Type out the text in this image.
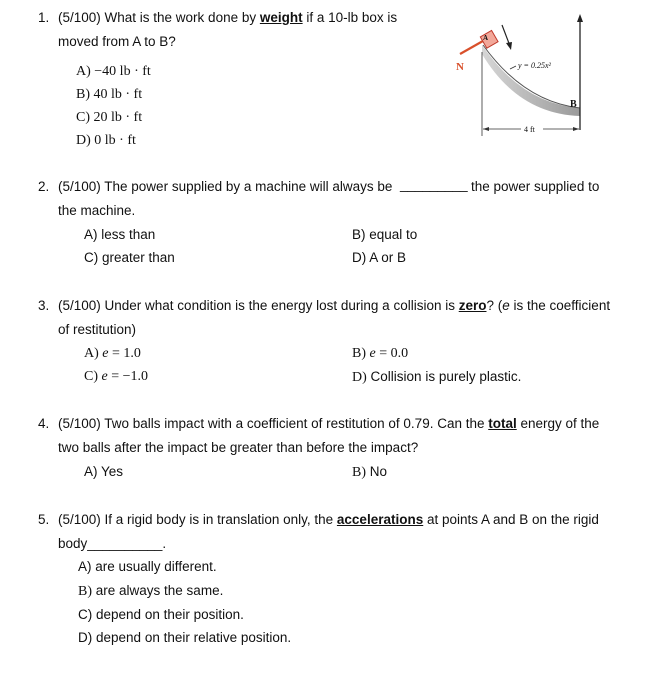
1. (5/100) What is the work done by weight if a 10-lb box is
moved from A to B?
A) −40 lb · ft
B) 40 lb · ft
C) 20 lb · ft
D) 0 lb · ft
B
4 ft
y = 0.25x²
N
A
2. (5/100) The power supplied by a machine will always be _________ the power supplied to
the machine.
A) less than	B) equal to
C) greater than	D) A or B
3. (5/100) Under what condition is the energy lost during a collision is zero? (e is the coefficient
of restitution)
A) e = 1.0	B) e = 0.0
C) e = −1.0	D) Collision is purely plastic.
4. (5/100) Two balls impact with a coefficient of restitution of 0.79. Can the total energy of the
two balls after the impact be greater than before the impact?
A) Yes	B) No
5. (5/100) If a rigid body is in translation only, the accelerations at points A and B on the rigid
body__________.
A) are usually different.
B) are always the same.
C) depend on their position.
D) depend on their relative position.
